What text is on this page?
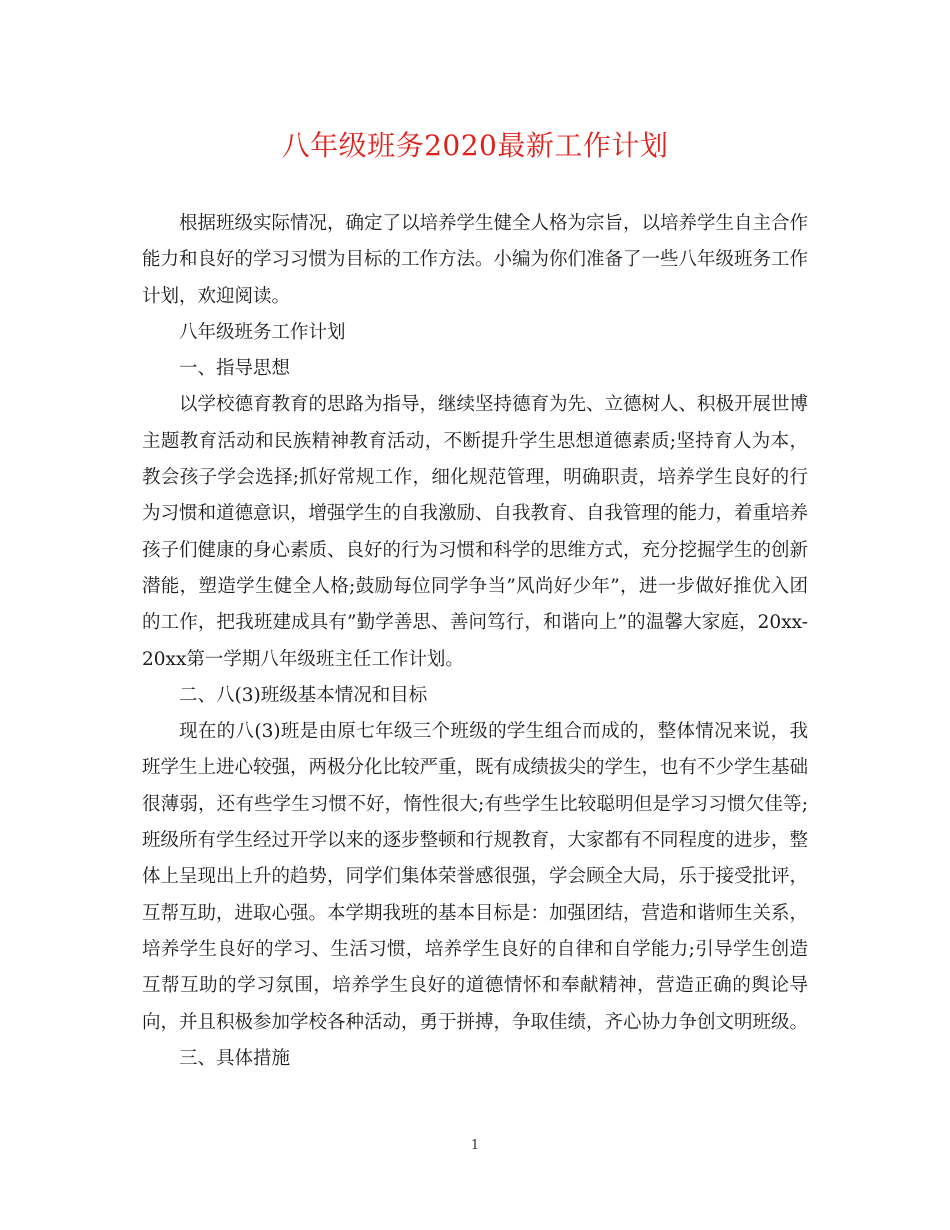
八年级班务2020最新工作计划

根据班级实际情况，确定了以培养学生健全人格为宗旨，以培养学生自主合作能力和良好的学习习惯为目标的工作方法。小编为你们准备了一些八年级班务工作计划，欢迎阅读。

八年级班务工作计划

一、指导思想

以学校德育教育的思路为指导，继续坚持德育为先、立德树人、积极开展世博主题教育活动和民族精神教育活动，不断提升学生思想道德素质;坚持育人为本，教会孩子学会选择;抓好常规工作，细化规范管理，明确职责，培养学生良好的行为习惯和道德意识，增强学生的自我激励、自我教育、自我管理的能力，着重培养孩子们健康的身心素质、良好的行为习惯和科学的思维方式，充分挖掘学生的创新潜能，塑造学生健全人格;鼓励每位同学争当”风尚好少年”，进一步做好推优入团的工作，把我班建成具有”勤学善思、善问笃行，和谐向上”的温馨大家庭，20xx-20xx第一学期八年级班主任工作计划。

二、八(3)班级基本情况和目标

现在的八(3)班是由原七年级三个班级的学生组合而成的，整体情况来说，我班学生上进心较强，两极分化比较严重，既有成绩拔尖的学生，也有不少学生基础很薄弱，还有些学生习惯不好，惰性很大;有些学生比较聪明但是学习习惯欠佳等;班级所有学生经过开学以来的逐步整顿和行规教育，大家都有不同程度的进步，整体上呈现出上升的趋势，同学们集体荣誉感很强，学会顾全大局，乐于接受批评，互帮互助，进取心强。本学期我班的基本目标是：加强团结，营造和谐师生关系，培养学生良好的学习、生活习惯，培养学生良好的自律和自学能力;引导学生创造互帮互助的学习氛围，培养学生良好的道德情怀和奉献精神，营造正确的舆论导向，并且积极参加学校各种活动，勇于拼搏，争取佳绩，齐心协力争创文明班级。

三、具体措施

1
